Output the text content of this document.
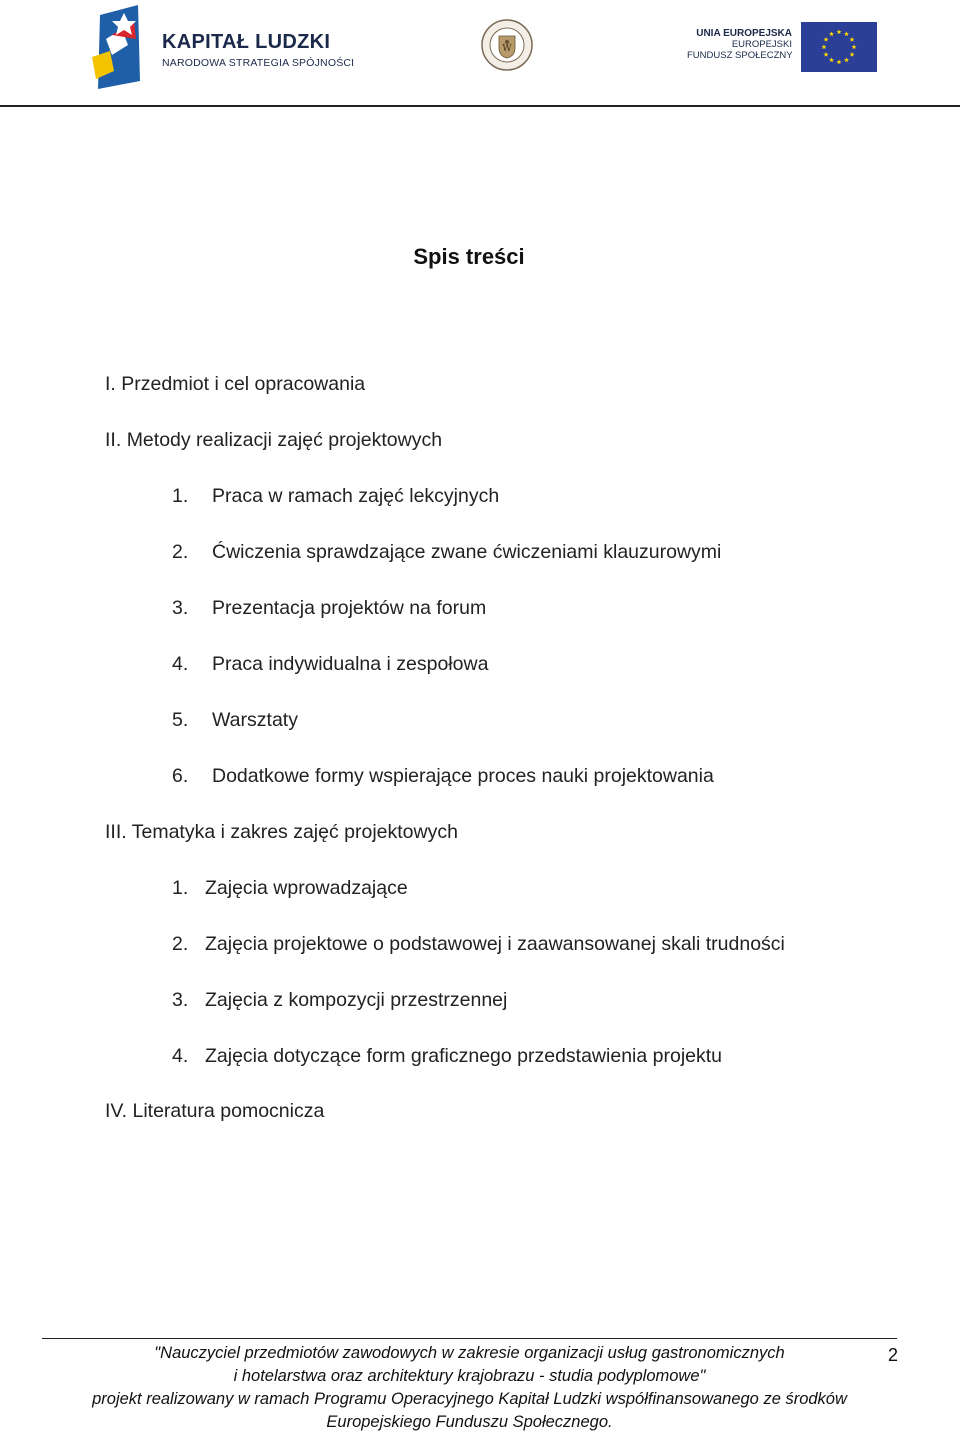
KAPITAŁ LUDZKI
NARODOWA STRATEGIA SPÓJNOŚCI
W
UNIA EUROPEJSKA
EUROPEJSKI
FUNDUSZ SPOŁECZNY
Spis treści
I. Przedmiot i cel opracowania
II. Metody realizacji zajęć projektowych
1. Praca w ramach zajęć lekcyjnych
2. Ćwiczenia sprawdzające zwane ćwiczeniami klauzurowymi
3. Prezentacja projektów na forum
4. Praca indywidualna i zespołowa
5. Warsztaty
6. Dodatkowe formy wspierające proces nauki projektowania
III. Tematyka i zakres zajęć projektowych
1. Zajęcia wprowadzające
2. Zajęcia projektowe o podstawowej i zaawansowanej skali trudności
3. Zajęcia z kompozycji przestrzennej
4. Zajęcia dotyczące form graficznego przedstawienia projektu
IV. Literatura pomocnicza
"Nauczyciel przedmiotów zawodowych w zakresie organizacji usług gastronomicznych
i hotelarstwa oraz architektury krajobrazu - studia podyplomowe"
projekt realizowany w ramach Programu Operacyjnego Kapitał Ludzki współfinansowanego ze środków
Europejskiego Funduszu Społecznego.
2
